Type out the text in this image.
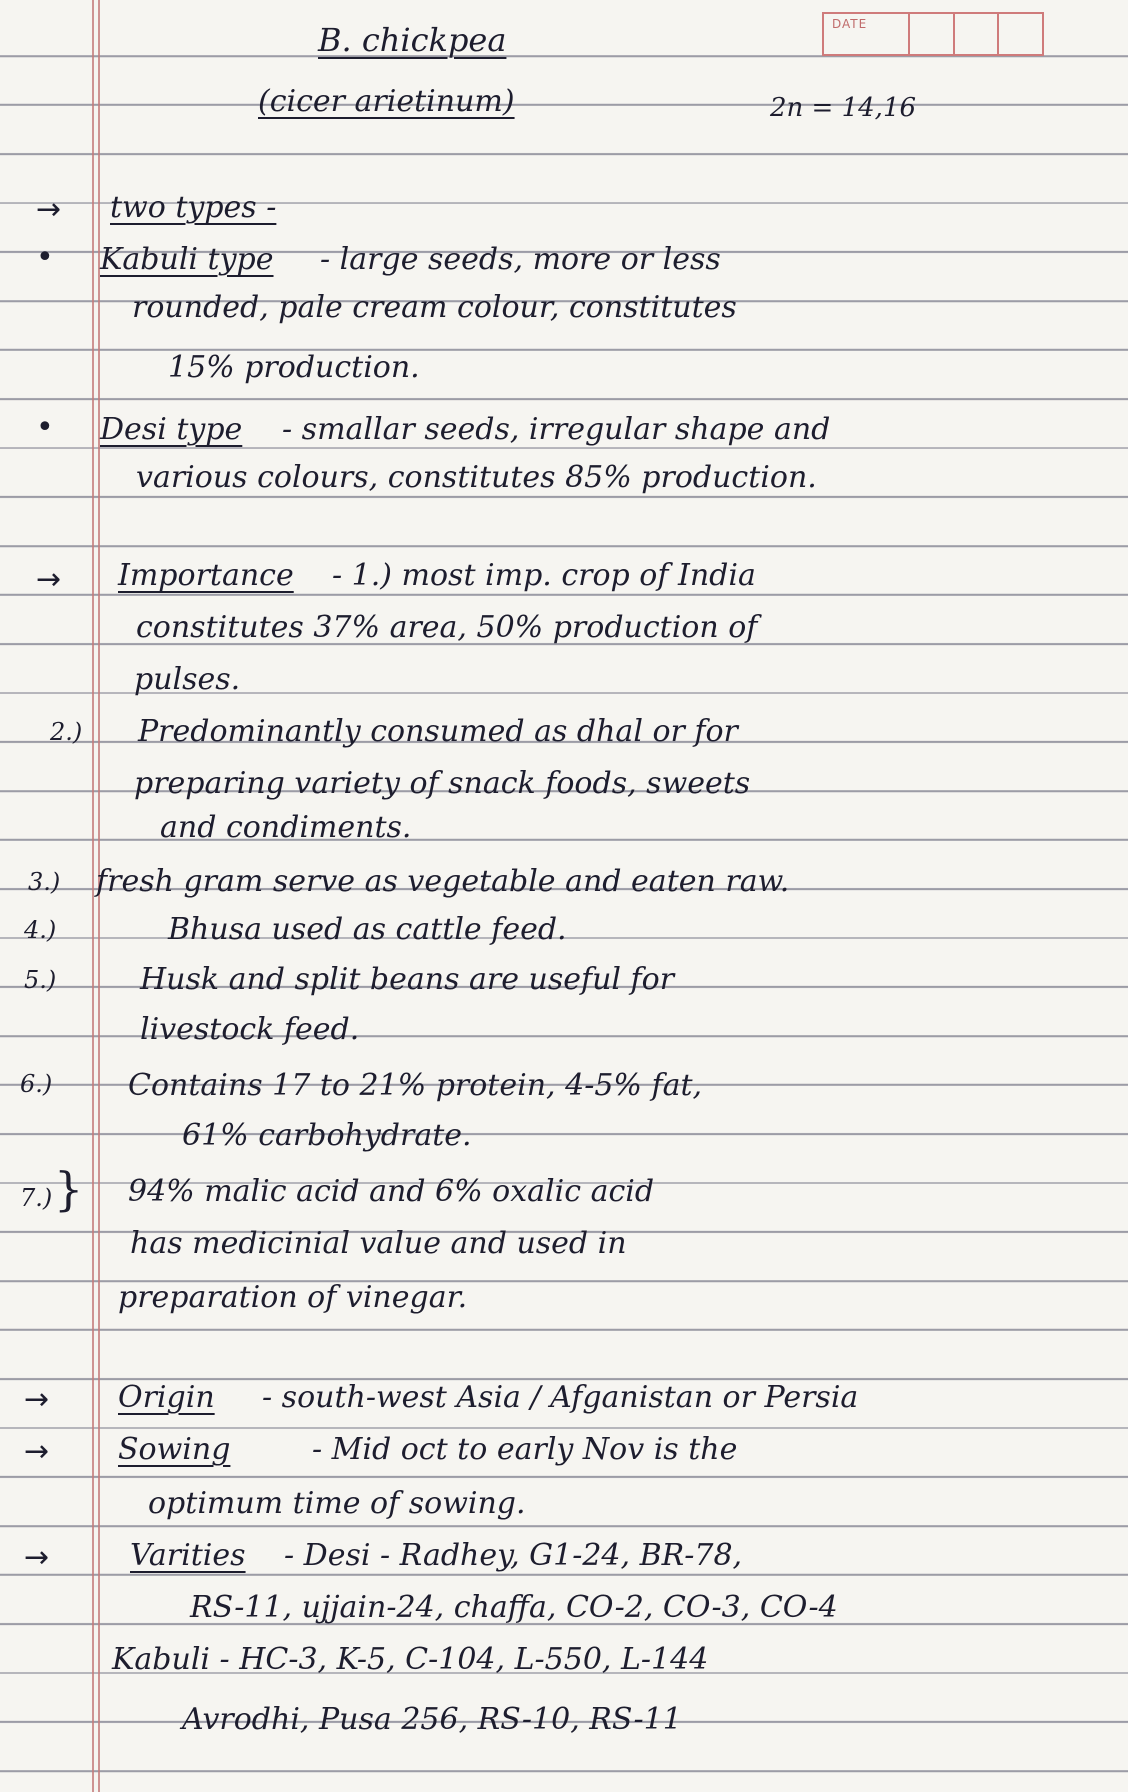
DATE
B. chickpea
(cicer arietinum)	2n = 14,16
→ two types -
• Kabuli type - large seeds, more or less
rounded, pale cream colour, constitutes
15% production.
• Desi type - smallar seeds, irregular shape and
various colours, constitutes 85% production.
→ Importance - 1.) most imp. crop of India
constitutes 37% area, 50% production of
pulses.
2.) Predominantly consumed as dhal or for
preparing variety of snack foods, sweets
and condiments.
3.) fresh gram serve as vegetable and eaten raw.
4.)	Bhusa used as cattle feed.
5.)	Husk and split beans are useful for
livestock feed.
6.)	Contains 17 to 21% protein, 4-5% fat,
61% carbohydrate.
7.) } 94% malic acid and 6% oxalic acid
has medicinial value and used in
preparation of vinegar.
→ Origin - south-west Asia / Afganistan or Persia
→ Sowing	- Mid oct to early Nov is the
optimum time of sowing.
→	Varities - Desi - Radhey, G1-24, BR-78,
RS-11, ujjain-24, chaffa, CO-2, CO-3, CO-4
Kabuli - HC-3, K-5, C-104, L-550, L-144
Avrodhi, Pusa 256, RS-10, RS-11
